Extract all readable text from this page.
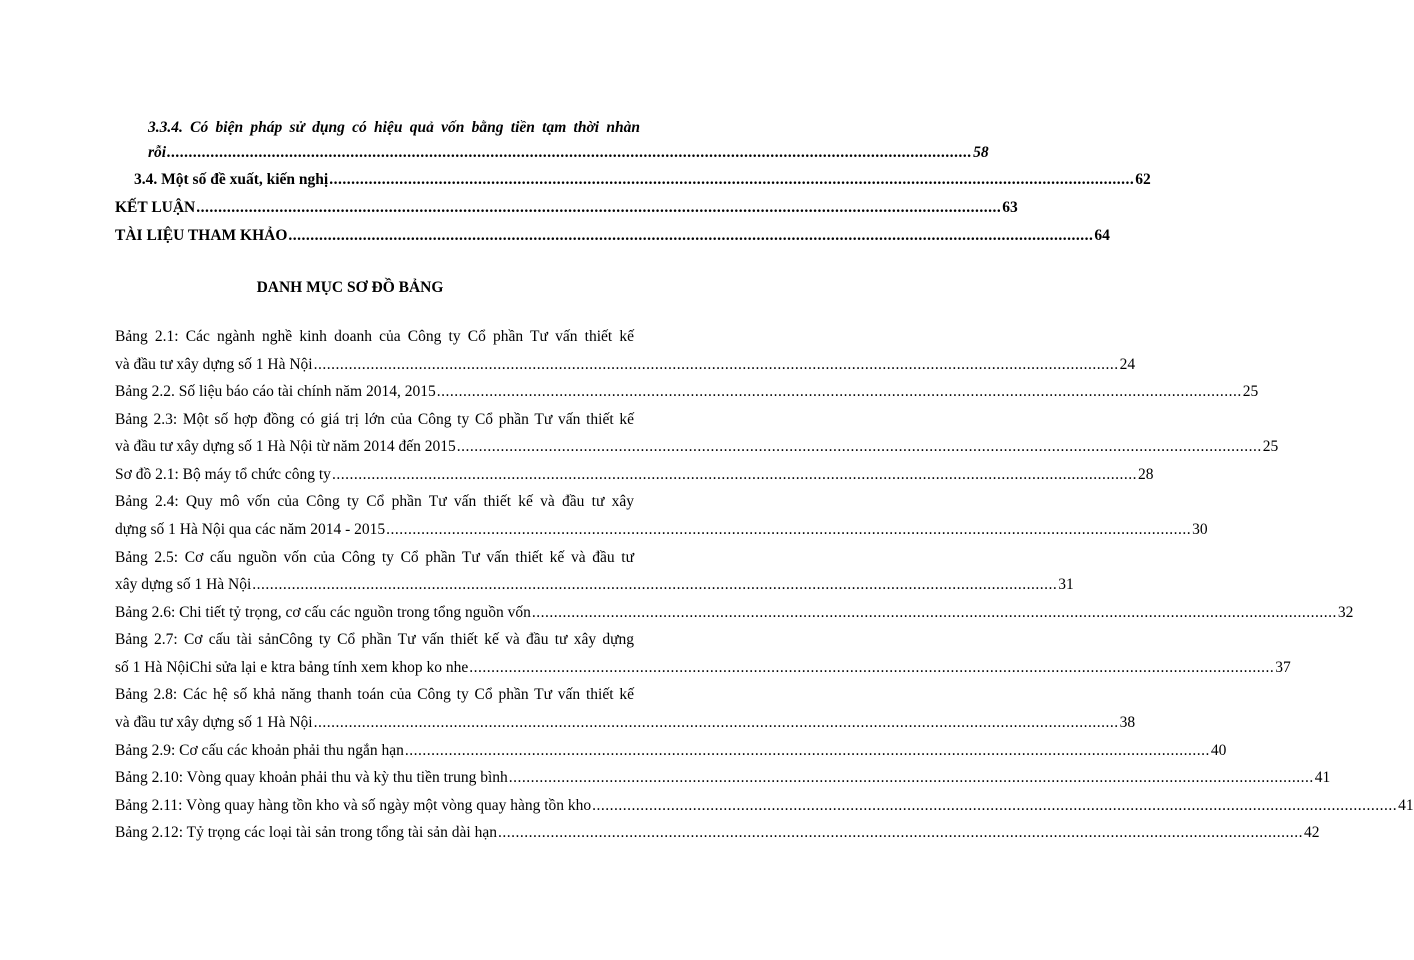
3.3.4. Có biện pháp sử dụng có hiệu quả vốn bằng tiền tạm thời nhàn
rỗi ........................................................................................................................................................................................ 58
3.4. Một số đề xuất, kiến nghị ........................................................................................................................................................................................ 62
KẾT LUẬN ........................................................................................................................................................................................ 63
TÀI LIỆU THAM KHẢO ........................................................................................................................................................................................ 64
DANH MỤC SƠ ĐỒ BẢNG
Bảng 2.1: Các ngành nghề kinh doanh của Công ty Cổ phần Tư vấn thiết kế
và đầu tư xây dựng số 1 Hà Nội ........................................................................................................................................................................................ 24
Bảng 2.2. Số liệu báo cáo tài chính năm 2014, 2015 ........................................................................................................................................................................................ 25
Bảng 2.3: Một số hợp đồng có giá trị lớn của Công ty Cổ phần Tư vấn thiết kế
và đầu tư xây dựng số 1 Hà Nội từ năm 2014 đến 2015 ........................................................................................................................................................................................ 25
Sơ đồ 2.1: Bộ máy tổ chức công ty ........................................................................................................................................................................................ 28
Bảng 2.4: Quy mô vốn của Công ty Cổ phần Tư vấn thiết kế và đầu tư xây
dựng số 1 Hà Nội qua các năm 2014 - 2015 ........................................................................................................................................................................................ 30
Bảng 2.5: Cơ cấu nguồn vốn của Công ty Cổ phần Tư vấn thiết kế và đầu tư
xây dựng số 1 Hà Nội ........................................................................................................................................................................................ 31
Bảng 2.6: Chi tiết tỷ trọng, cơ cấu các nguồn trong tổng nguồn vốn ........................................................................................................................................................................................ 32
Bảng 2.7: Cơ cấu tài sảnCông ty Cổ phần Tư vấn thiết kế và đầu tư xây dựng
số 1 Hà NộiChi sửa lại e ktra bảng tính xem khop ko nhe ........................................................................................................................................................................................ 37
Bảng 2.8: Các hệ số khả năng thanh toán của Công ty Cổ phần Tư vấn thiết kế
và đầu tư xây dựng số 1 Hà Nội ........................................................................................................................................................................................ 38
Bảng 2.9: Cơ cấu các khoản phải thu ngắn hạn ........................................................................................................................................................................................ 40
Bảng 2.10: Vòng quay khoản phải thu và kỳ thu tiền trung bình ........................................................................................................................................................................................ 41
Bảng 2.11: Vòng quay hàng tồn kho và số ngày một vòng quay hàng tồn kho ........................................................................................................................................................................................ 41
Bảng 2.12: Tỷ trọng các loại tài sản trong tổng tài sản dài hạn ........................................................................................................................................................................................ 42
